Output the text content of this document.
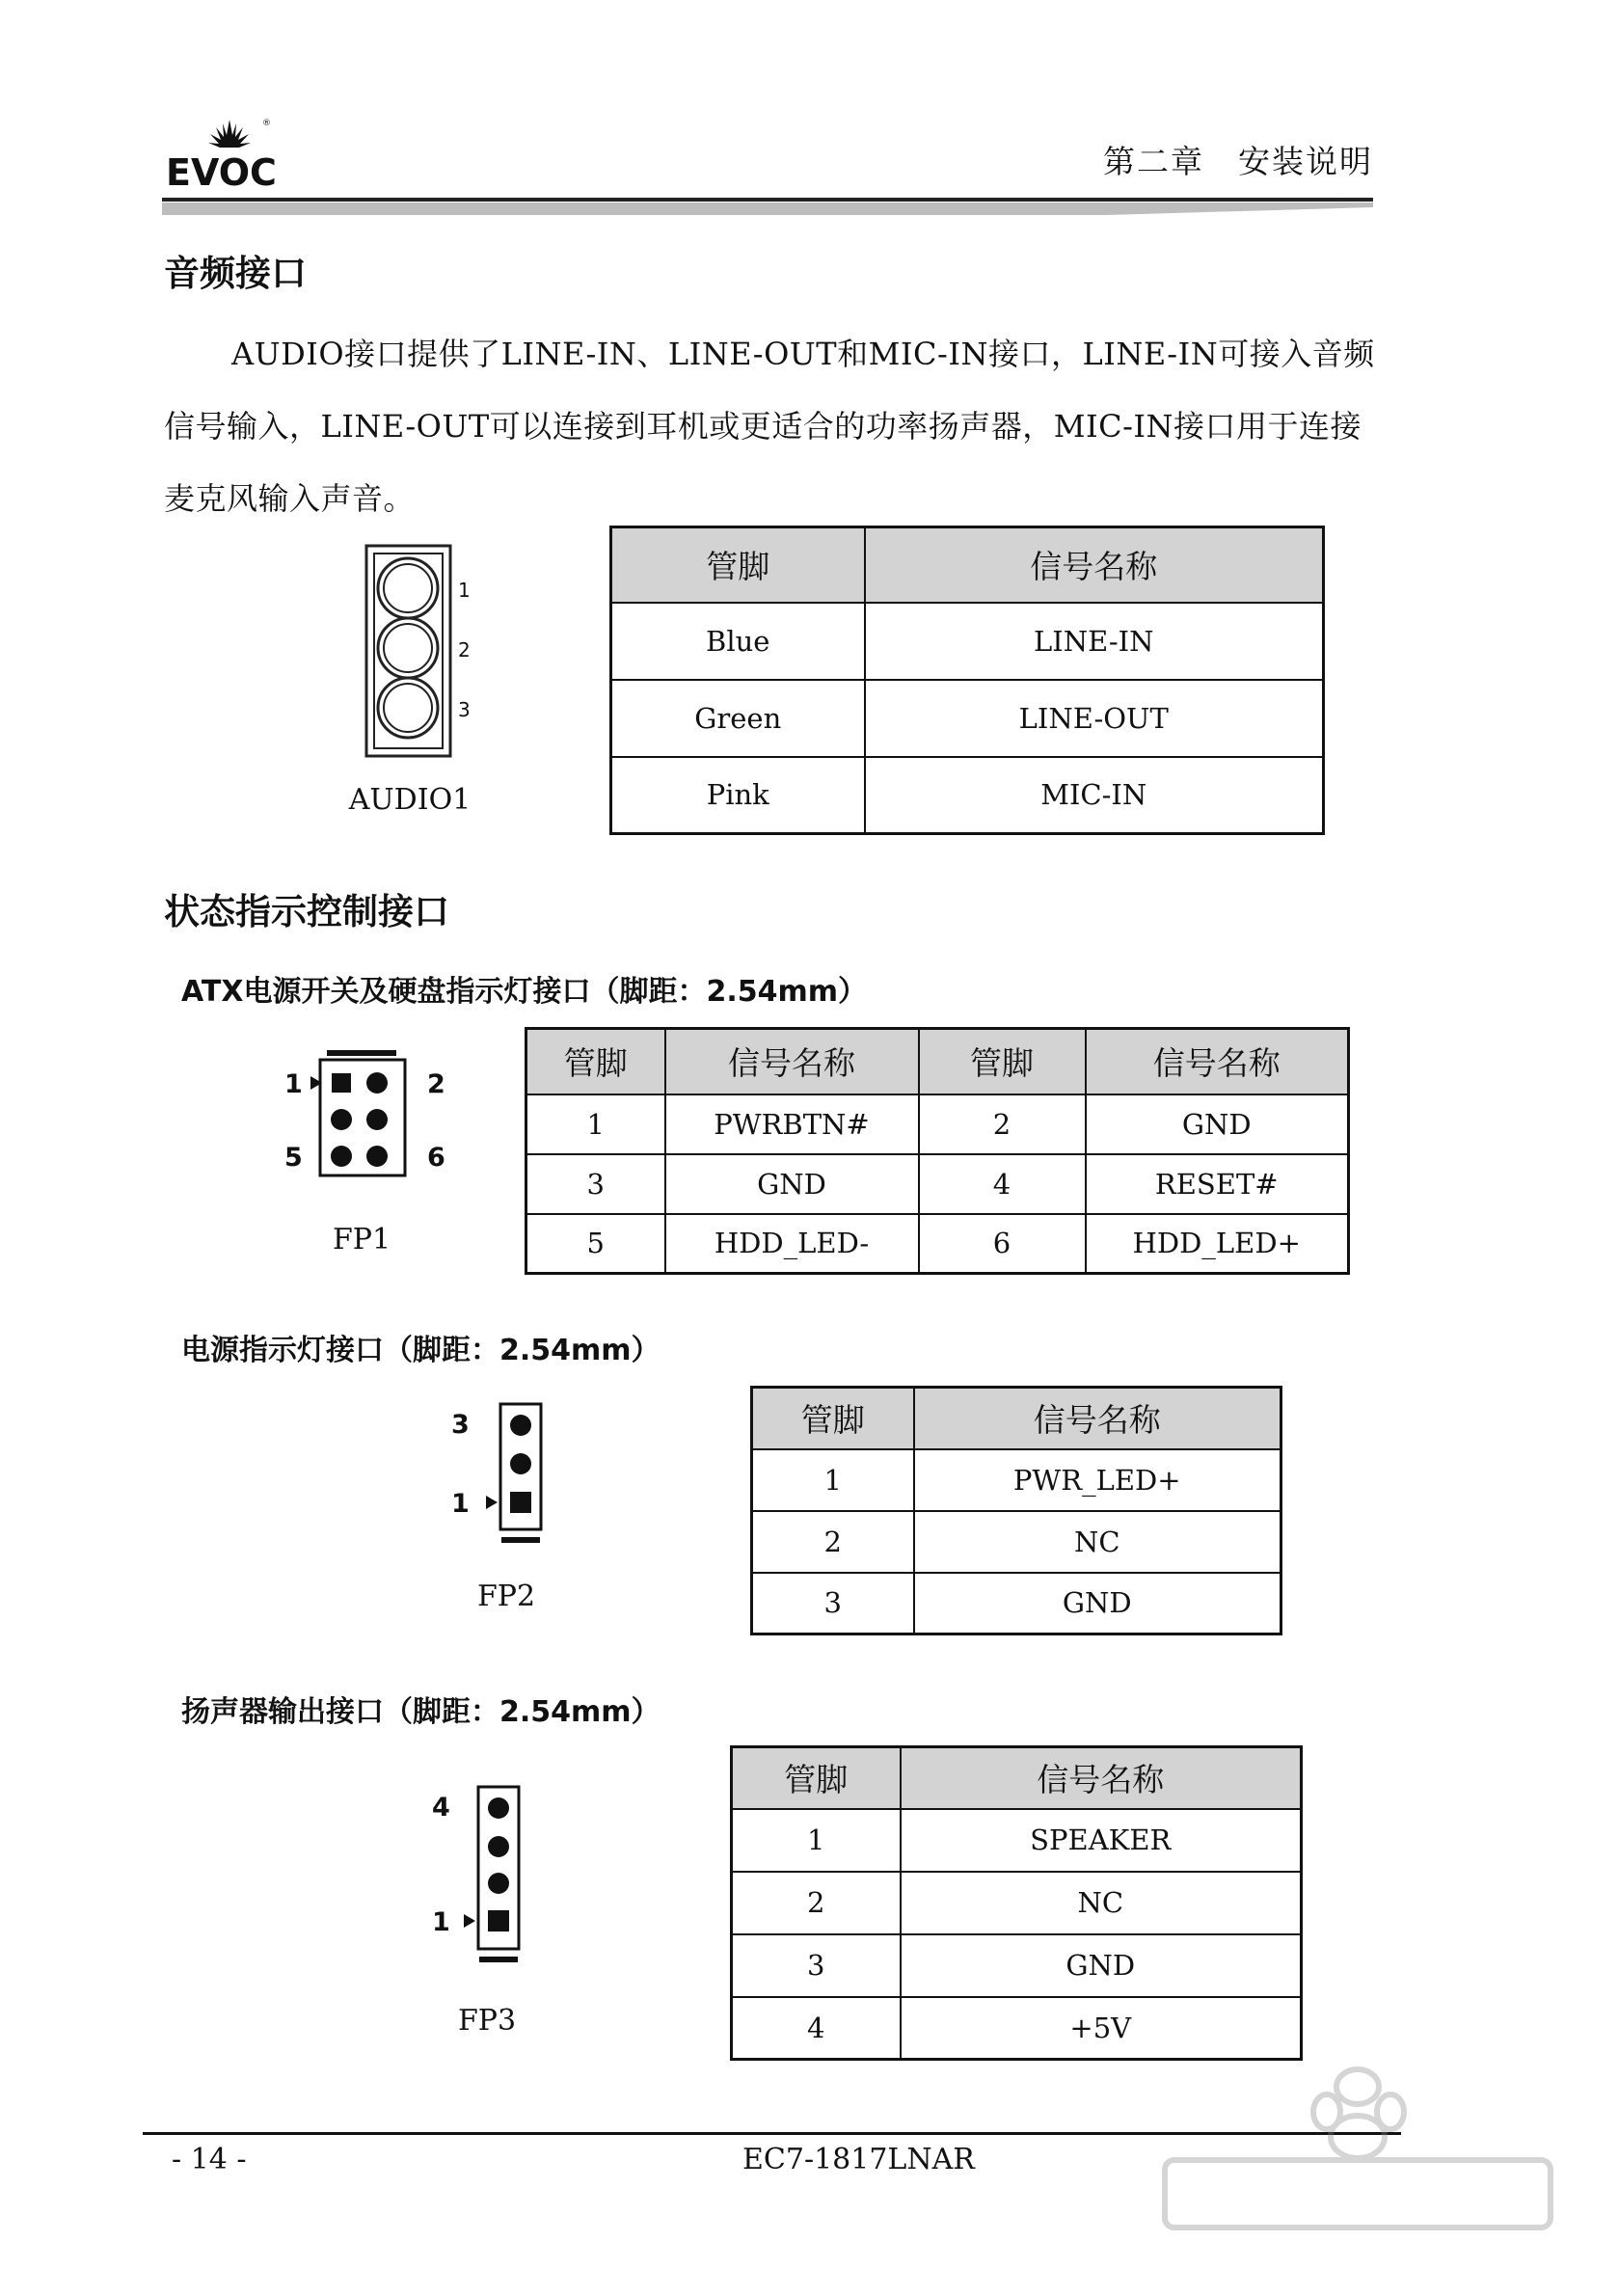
EVOC
®
第二章　安装说明
音频接口
AUDIO接口提供了LINE-IN、LINE-OUT和MIC-IN接口，LINE-IN可接入音频信号输入，LINE-OUT可以连接到耳机或更适合的功率扬声器，MIC-IN接口用于连接麦克风输入声音。
1
2
3
AUDIO1
管脚	信号名称
Blue	LINE-IN
Green	LINE-OUT
Pink	MIC-IN
状态指示控制接口
ATX电源开关及硬盘指示灯接口（脚距：2.54mm）
1	2
5	6
FP1
管脚	信号名称	管脚	信号名称
1	PWRBTN#	2	GND
3	GND	4	RESET#
5	HDD_LED-	6	HDD_LED+
电源指示灯接口（脚距：2.54mm）
3
1
FP2
管脚	信号名称
1	PWR_LED+
2	NC
3	GND
扬声器输出接口（脚距：2.54mm）
4
1
FP3
管脚	信号名称
1	SPEAKER
2	NC
3	GND
4	+5V
- 14 -	EC7-1817LNAR
